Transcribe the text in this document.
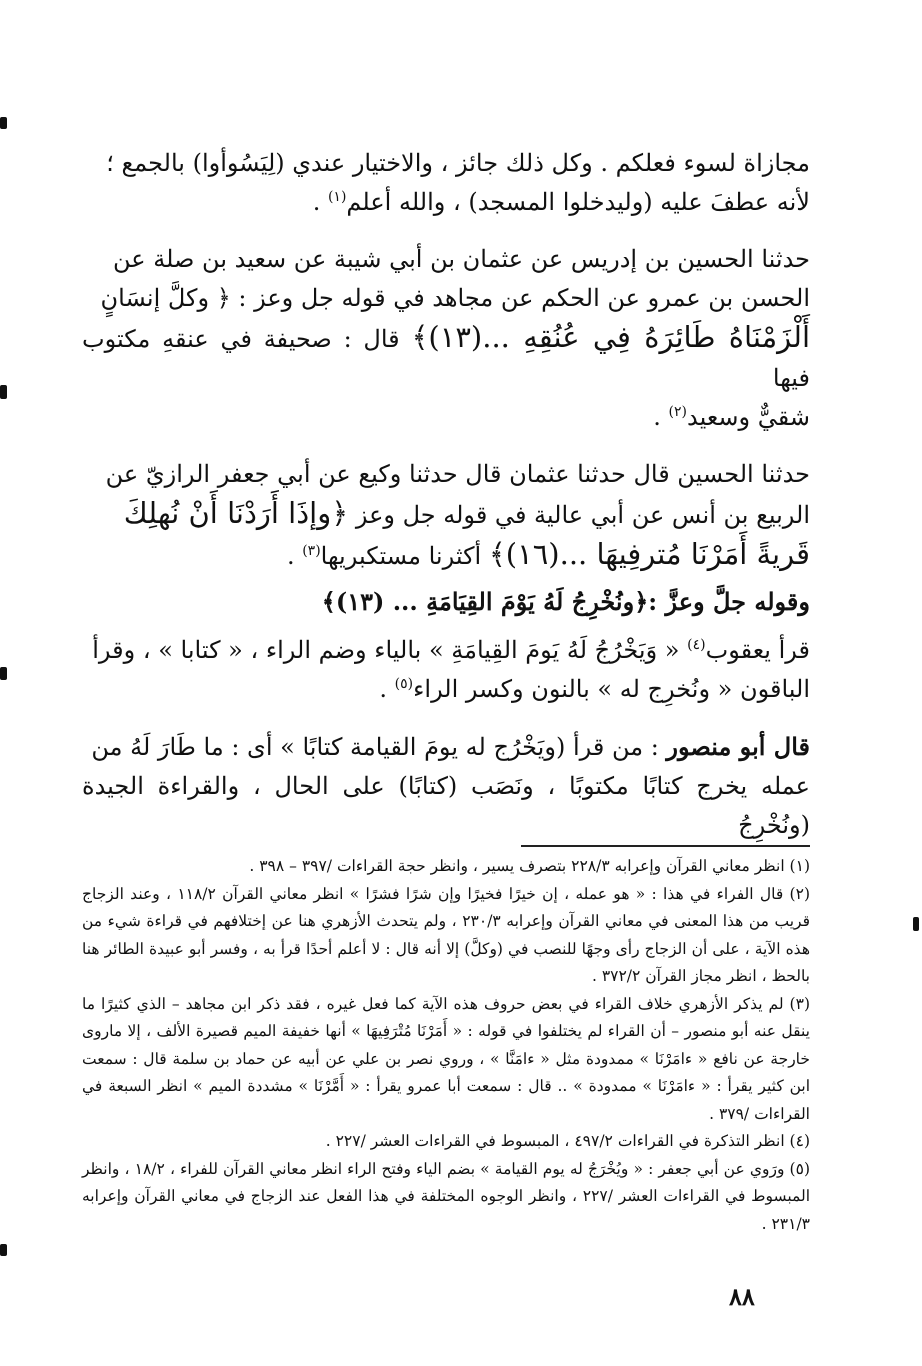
مجازاة لسوء فعلكم . وكل ذلك جائز ، والاختيار عندي (لِيَسُوأوا) بالجمع ؛
لأنه عطفَ عليه (وليدخلوا المسجد) ، والله أعلم$^{(١)}$ .

حدثنا الحسين بن إدريس عن عثمان بن أبي شيبة عن سعيد بن صلة عن
الحسن بن عمرو عن الحكم عن مجاهد في قوله جل وعز : ﴿ وكلَّ إنسَانٍ
أَلْزَمْنَاهُ طَائِرَهُ فِي عُنُقِهِ ...(١٣)﴾ قال : صحيفة في عنقهِ مكتوب فيها
شقيٌّ وسعيد$^{(٢)}$ .

حدثنا الحسين قال حدثنا عثمان قال حدثنا وكيع عن أبي جعفر الرازيّ عن
الربيع بن أنس عن أبي عالية في قوله جل وعز ﴿وإذَا أَرَدْنَا أَنْ نُهلِكَ
قَريةً أَمَرْنَا مُترفِيهَا ...(١٦)﴾ أكثرنا مستكبريها$^{(٣)}$ .

وقوله جلَّ وعزَّ :﴿ونُخْرِجُ لَهُ يَوْمَ القِيَامَةِ ... (١٣)﴾

قرأ يعقوب$^{(٤)}$ « وَيَخْرُجُ لَهُ يَومَ القِيامَةِ » بالياء وضم الراء ، « كتابا » ، وقرأ
الباقون « ونُخرِج له » بالنون وكسر الراء$^{(٥)}$ .

قال أبو منصور : من قرأ (ويَخْرُج له يومَ القيامة كتابًا » أى : ما طَارَ لَهُ من
عمله يخرج كتابًا مكتوبًا ، ونَصَب (كتابًا) على الحال ، والقراءة الجيدة (ونُخْرِجُ

(١) انظر معاني القرآن وإعرابه ٢٢٨/٣ بتصرف يسير ، وانظر حجة القراءات /٣٩٧ – ٣٩٨ .

(٢) قال الفراء في هذا : « هو عمله ، إن خيرًا فخيرًا وإن شرًا فشرًا » انظر معاني القرآن ١١٨/٢ ، وعند الزجاج قريب من هذا المعنى في معاني القرآن وإعرابه ٢٣٠/٣ ، ولم يتحدث الأزهري هنا عن إختلافهم في قراءة شيء من هذه الآية ، على أن الزجاج رأى وجهًا للنصب في (وكلَّ) إلا أنه قال : لا أعلم أحدًا قرأ به ، وفسر أبو عبيدة الطائر هنا بالحظ ، انظر مجاز القرآن ٣٧٢/٢ .

(٣) لم يذكر الأزهري خلاف القراء في بعض حروف هذه الآية كما فعل غيره ، فقد ذكر ابن مجاهد – الذي كثيرًا ما ينقل عنه أبو منصور – أن القراء لم يختلفوا في قوله : « أَمَرْنَا مُتْرَفِيهَا » أنها خفيفة الميم قصيرة الألف ، إلا ماروى خارجة عن نافع « ءامَرْنَا » ممدودة مثل « ءامَنَّا » ، وروي نصر بن علي عن أبيه عن حماد بن سلمة قال : سمعت ابن كثير يقرأ : « ءامَرْنَا » ممدودة » .. قال : سمعت أبا عمرو يقرأ : « أَمَّرْنَا » مشددة الميم » انظر السبعة في القراءات /٣٧٩ .

(٤) انظر التذكرة في القراءات ٤٩٧/٢ ، المبسوط في القراءات العشر /٢٢٧ .

(٥) ورَوي عن أبي جعفر : « ويُخْرَجُ له يوم القيامة » بضم الياء وفتح الراء انظر معاني القرآن للفراء ، ١٨/٢ ، وانظر المبسوط في القراءات العشر /٢٢٧ ، وانظر الوجوه المختلفة في هذا الفعل عند الزجاج في معاني القرآن وإعرابه ٢٣١/٣ .

٨٨
